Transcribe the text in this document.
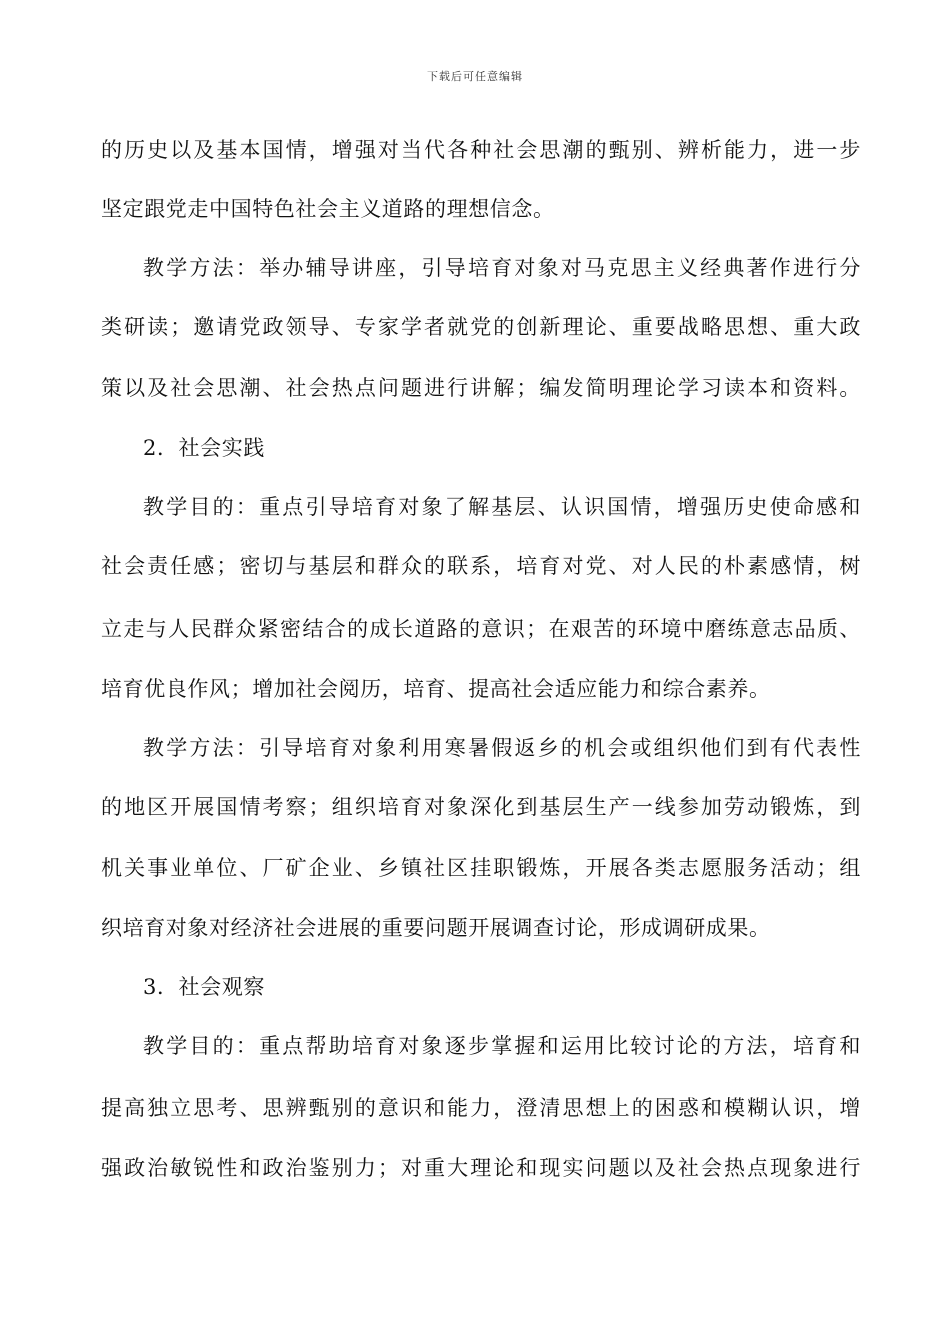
下载后可任意编辑
的历史以及基本国情，增强对当代各种社会思潮的甄别、辨析能力，进一步
坚定跟党走中国特色社会主义道路的理想信念。
教学方法：举办辅导讲座，引导培育对象对马克思主义经典著作进行分
类研读；邀请党政领导、专家学者就党的创新理论、重要战略思想、重大政
策以及社会思潮、社会热点问题进行讲解；编发简明理论学习读本和资料。
2．社会实践
教学目的：重点引导培育对象了解基层、认识国情，增强历史使命感和
社会责任感；密切与基层和群众的联系，培育对党、对人民的朴素感情，树
立走与人民群众紧密结合的成长道路的意识；在艰苦的环境中磨练意志品质、
培育优良作风；增加社会阅历，培育、提高社会适应能力和综合素养。
教学方法：引导培育对象利用寒暑假返乡的机会或组织他们到有代表性
的地区开展国情考察；组织培育对象深化到基层生产一线参加劳动锻炼，到
机关事业单位、厂矿企业、乡镇社区挂职锻炼，开展各类志愿服务活动；组
织培育对象对经济社会进展的重要问题开展调查讨论，形成调研成果。
3．社会观察
教学目的：重点帮助培育对象逐步掌握和运用比较讨论的方法，培育和
提高独立思考、思辨甄别的意识和能力，澄清思想上的困惑和模糊认识，增
强政治敏锐性和政治鉴别力；对重大理论和现实问题以及社会热点现象进行
